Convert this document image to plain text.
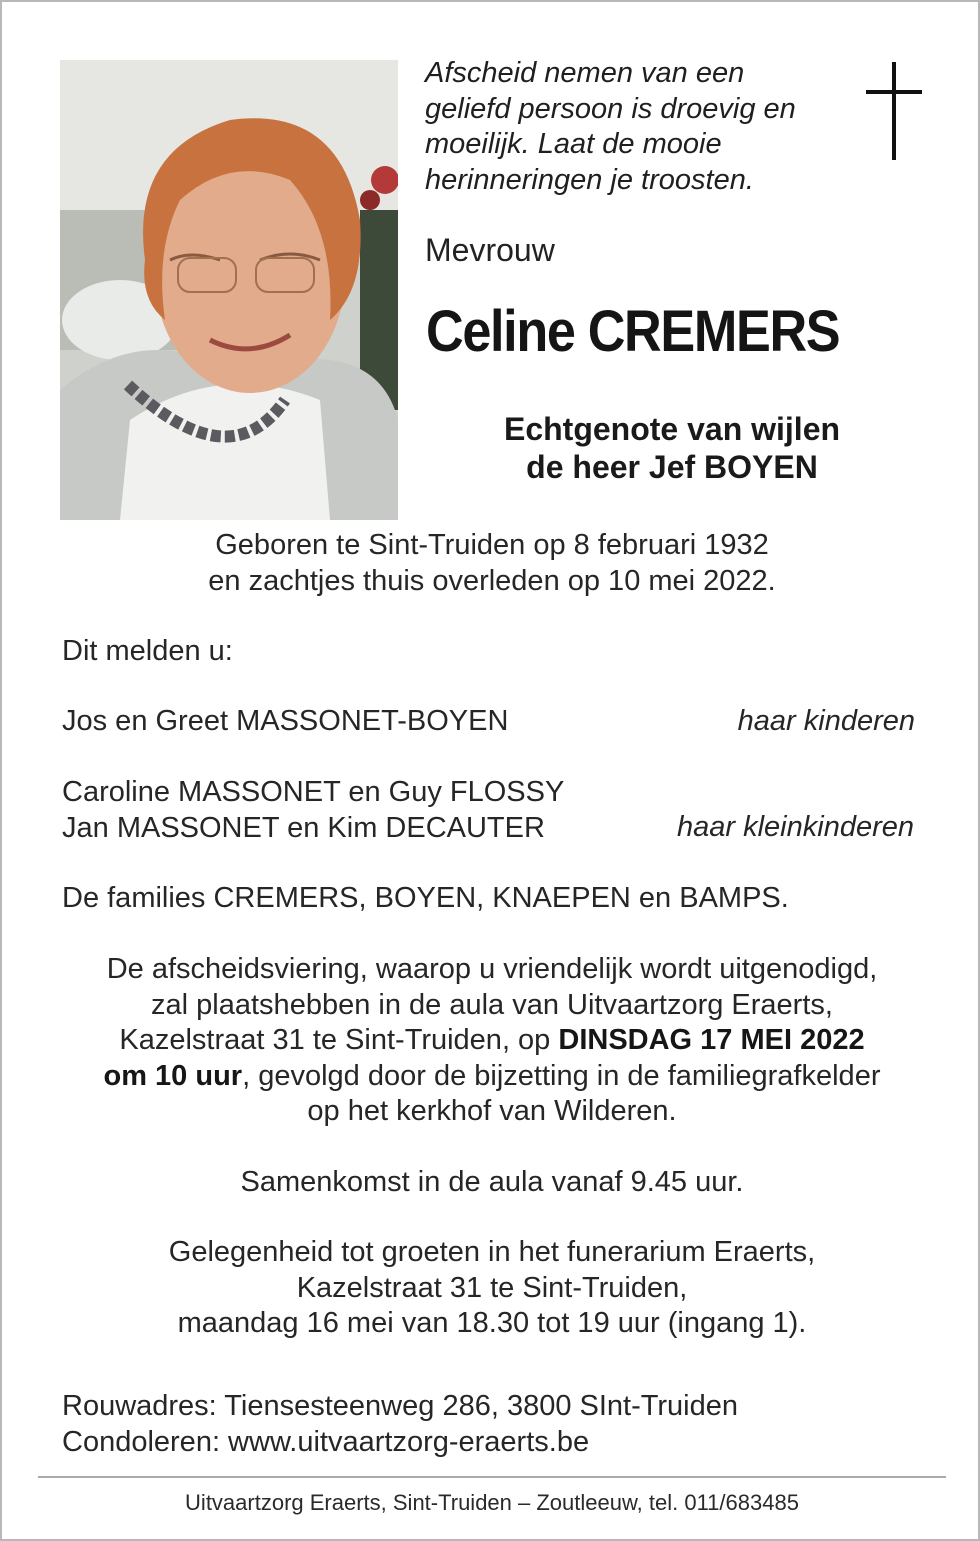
Afscheid nemen van een
geliefd persoon is droevig en
moeilijk. Laat de mooie
herinneringen je troosten.
Mevrouw
Celine CREMERS
Echtgenote van wijlen
de heer Jef BOYEN
Geboren te Sint-Truiden op 8 februari 1932
en zachtjes thuis overleden op 10 mei 2022.
Dit melden u:
Jos en Greet MASSONET-BOYEN	haar kinderen
Caroline MASSONET en Guy FLOSSY
Jan MASSONET en Kim DECAUTER	haar kleinkinderen
De families CREMERS, BOYEN, KNAEPEN en BAMPS.
De afscheidsviering, waarop u vriendelijk wordt uitgenodigd,
zal plaatshebben in de aula van Uitvaartzorg Eraerts,
Kazelstraat 31 te Sint-Truiden, op DINSDAG 17 MEI 2022
om 10 uur, gevolgd door de bijzetting in de familiegrafkelder
op het kerkhof van Wilderen.
Samenkomst in de aula vanaf 9.45 uur.
Gelegenheid tot groeten in het funerarium Eraerts,
Kazelstraat 31 te Sint-Truiden,
maandag 16 mei van 18.30 tot 19 uur (ingang 1).
Rouwadres: Tiensesteenweg 286, 3800 SInt-Truiden
Condoleren: www.uitvaartzorg-eraerts.be
Uitvaartzorg Eraerts, Sint-Truiden – Zoutleeuw, tel. 011/683485
